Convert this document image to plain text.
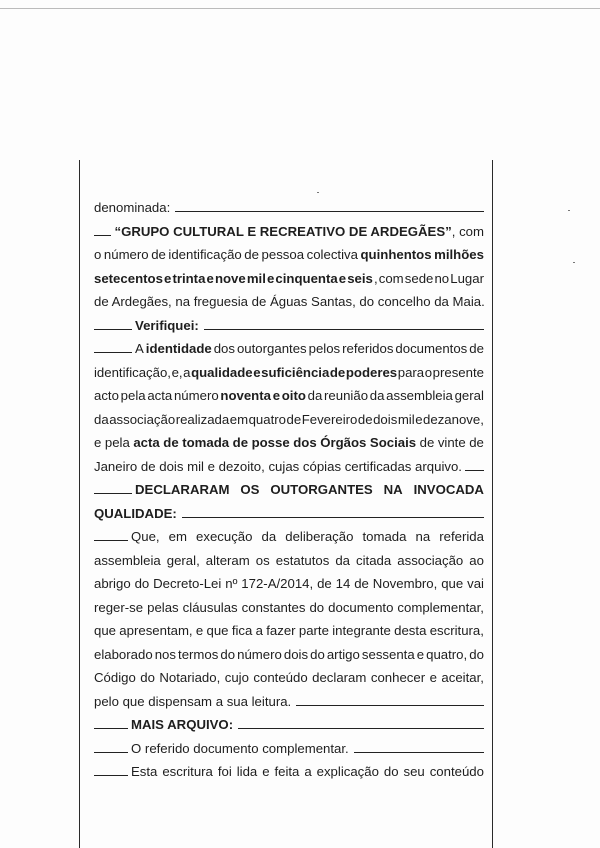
denominada:
“GRUPO CULTURAL E RECREATIVO DE ARDEGÃES”, com
o número de identificação de pessoa colectiva quinhentos milhões
setecentos e trinta e nove mil e cinquenta e seis , com sede no Lugar
de Ardegães, na freguesia de Águas Santas, do concelho da Maia.
Verifiquei:
A identidade dos outorgantes pelos referidos documentos de
identificação, e, a qualidade e suficiência de poderes para o presente
acto pela acta número noventa e oito da reunião da assembleia geral
da associação realizada em quatro de Fevereiro de dois mil e dezanove,
e pela acta de tomada de posse dos Órgãos Sociais de vinte de
Janeiro de dois mil e dezoito, cujas cópias certificadas arquivo.
DECLARARAM OS OUTORGANTES NA INVOCADA
QUALIDADE:
Que, em execução da deliberação tomada na referida
assembleia geral, alteram os estatutos da citada associação ao
abrigo do Decreto-Lei nº 172-A/2014, de 14 de Novembro, que vai
reger-se pelas cláusulas constantes do documento complementar,
que apresentam, e que fica a fazer parte integrante desta escritura,
elaborado nos termos do número dois do artigo sessenta e quatro, do
Código do Notariado, cujo conteúdo declaram conhecer e aceitar,
pelo que dispensam a sua leitura.
MAIS ARQUIVO:
O referido documento complementar.
Esta escritura foi lida e feita a explicação do seu conteúdo
